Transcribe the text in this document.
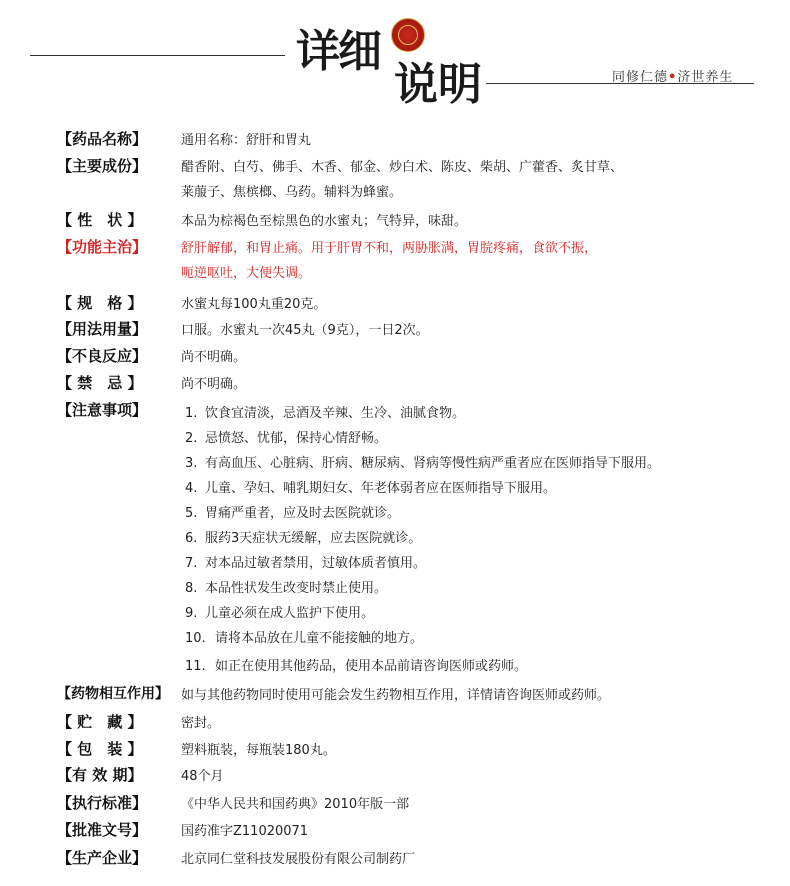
详
细
说 明	同修仁德•济世养生
【药品名称】	通用名称：舒肝和胃丸
【主要成份】	醋香附、白芍、佛手、木香、郁金、炒白术、陈皮、柴胡、广藿香、炙甘草、
莱菔子、焦槟榔、乌药。辅料为蜂蜜。
【 性　状 】	本品为棕褐色至棕黑色的水蜜丸；气特异，味甜。
【功能主治】	舒肝解郁，和胃止痛。用于肝胃不和，两胁胀满，胃脘疼痛，食欲不振，
呃逆呕吐，大便失调。
【 规　格 】	水蜜丸每100丸重20克。
【用法用量】	口服。水蜜丸一次45丸（9克），一日2次。
【不良反应】	尚不明确。
【 禁　忌 】	尚不明确。
【注意事项】	1. 饮食宜清淡，忌酒及辛辣、生冷、油腻食物。
2. 忌愤怒、忧郁，保持心情舒畅。
3. 有高血压、心脏病、肝病、糖尿病、肾病等慢性病严重者应在医师指导下服用。
4. 儿童、孕妇、哺乳期妇女、年老体弱者应在医师指导下服用。
5. 胃痛严重者，应及时去医院就诊。
6. 服药3天症状无缓解，应去医院就诊。
7. 对本品过敏者禁用，过敏体质者慎用。
8. 本品性状发生改变时禁止使用。
9. 儿童必须在成人监护下使用。
10. 请将本品放在儿童不能接触的地方。
11. 如正在使用其他药品，使用本品前请咨询医师或药师。
【药物相互作用】 如与其他药物同时使用可能会发生药物相互作用，详情请咨询医师或药师。
【 贮　藏 】	密封。
【 包　装 】	塑料瓶装，每瓶装180丸。
【有 效 期】	48个月
【执行标准】	《中华人民共和国药典》2010年版一部
【批准文号】	国药准字Z11020071
【生产企业】	北京同仁堂科技发展股份有限公司制药厂
